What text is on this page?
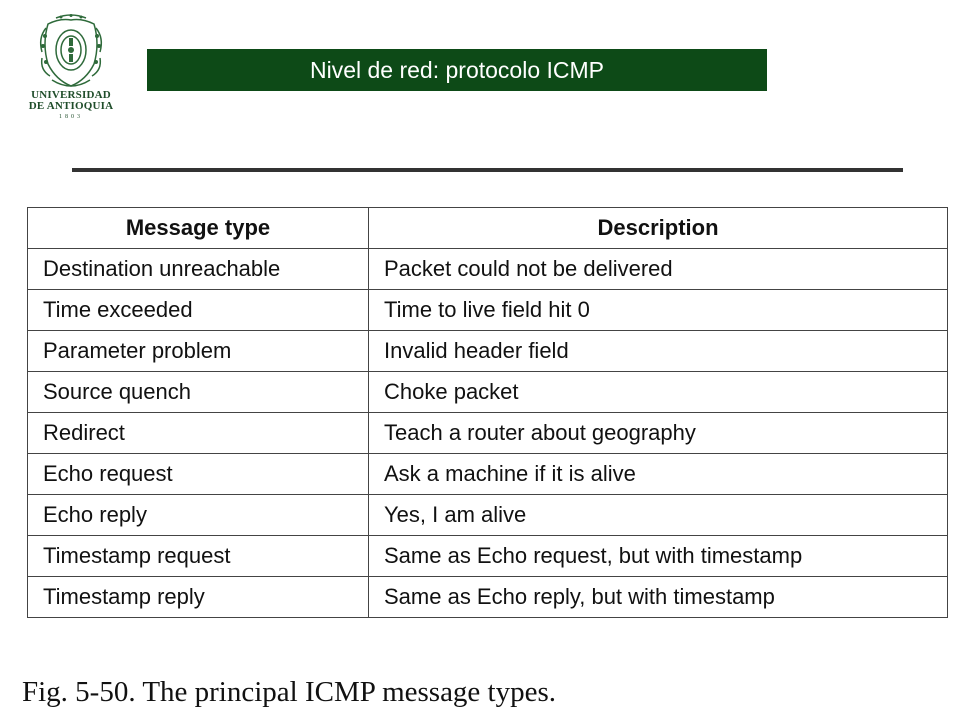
UNIVERSIDAD
DE ANTIOQUIA
1803
Nivel de red: protocolo ICMP
Message type	Description
Destination unreachable	Packet could not be delivered
Time exceeded	Time to live field hit 0
Parameter problem	Invalid header field
Source quench	Choke packet
Redirect	Teach a router about geography
Echo request	Ask a machine if it is alive
Echo reply	Yes, I am alive
Timestamp request	Same as Echo request, but with timestamp
Timestamp reply	Same as Echo reply, but with timestamp
Fig. 5-50. The principal ICMP message types.
